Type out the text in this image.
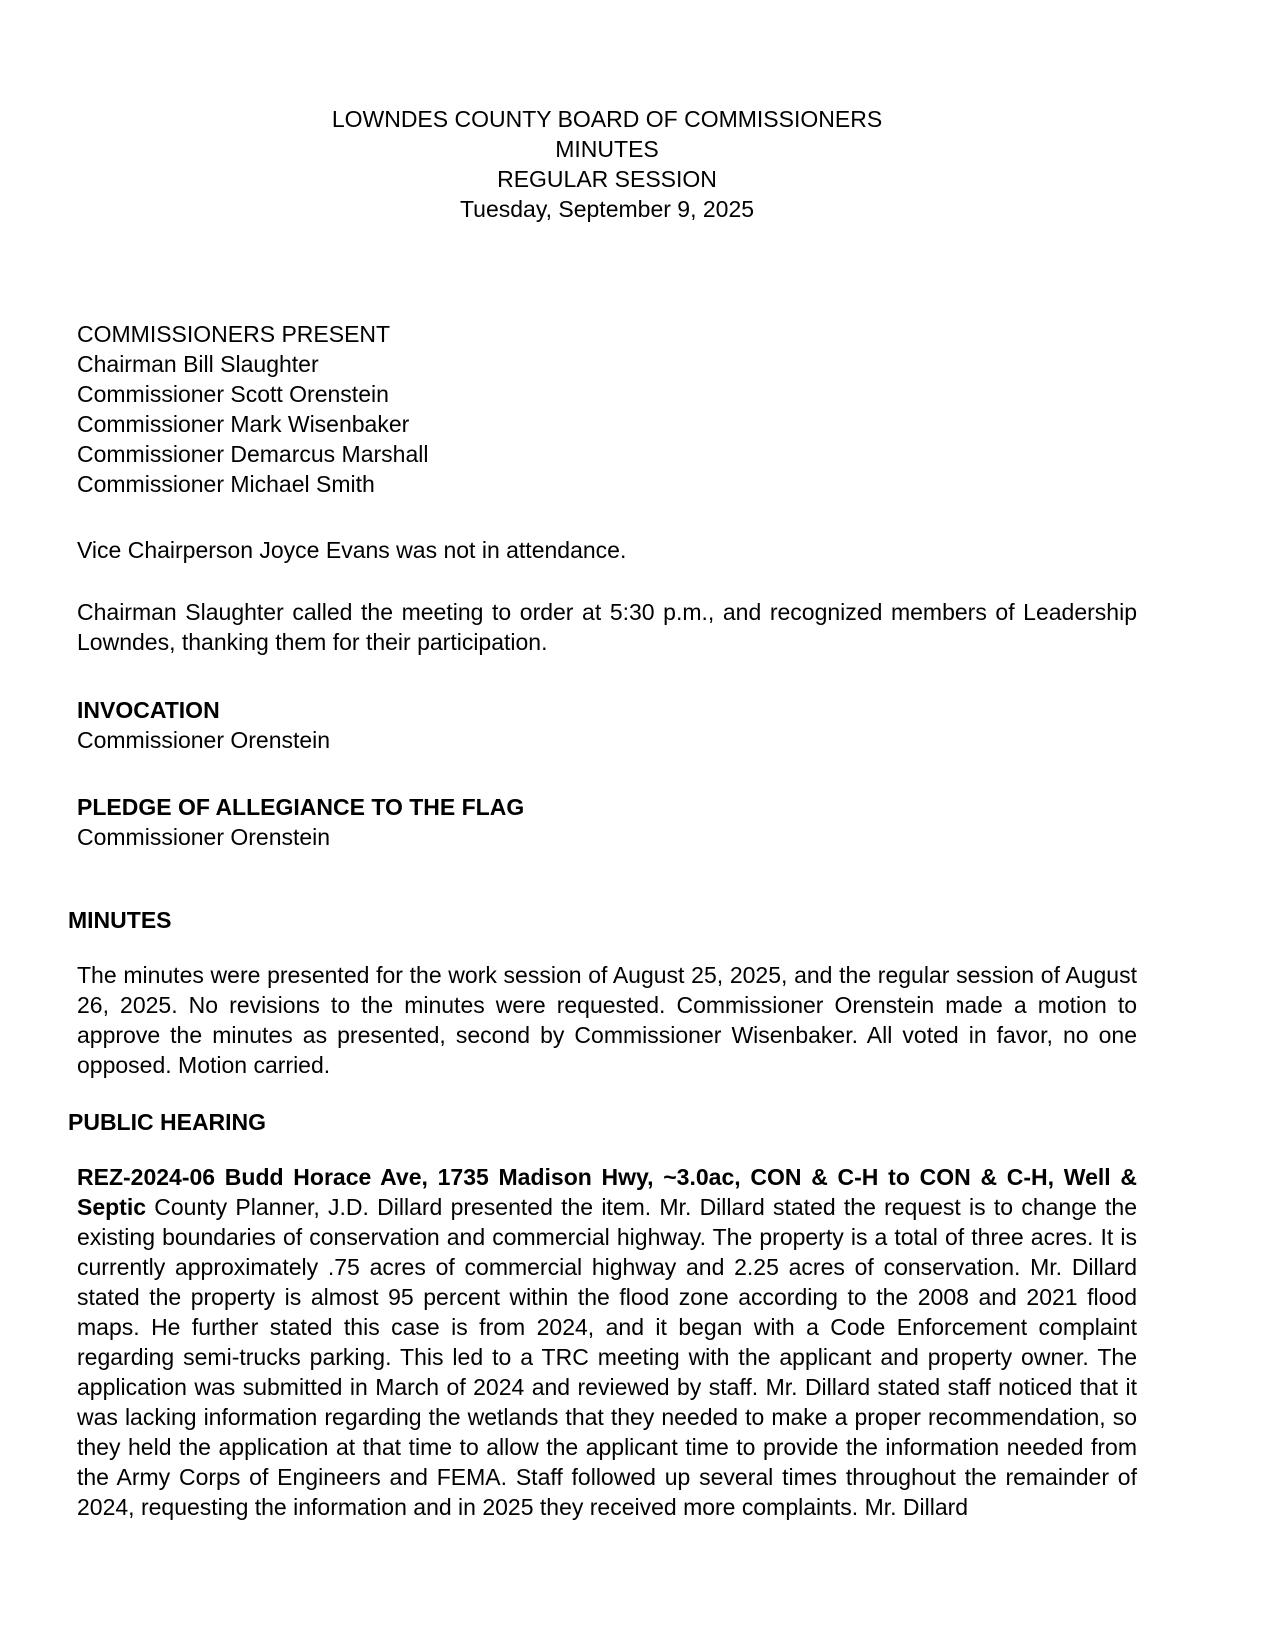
LOWNDES COUNTY BOARD OF COMMISSIONERS
MINUTES
REGULAR SESSION
Tuesday, September 9, 2025
COMMISSIONERS PRESENT
Chairman Bill Slaughter
Commissioner Scott Orenstein
Commissioner Mark Wisenbaker
Commissioner Demarcus Marshall
Commissioner Michael Smith

Vice Chairperson Joyce Evans was not in attendance.

Chairman Slaughter called the meeting to order at 5:30 p.m., and recognized members of Leadership Lowndes, thanking them for their participation.

INVOCATION
Commissioner Orenstein
PLEDGE OF ALLEGIANCE TO THE FLAG
Commissioner Orenstein
MINUTES

The minutes were presented for the work session of August 25, 2025, and the regular session of August 26, 2025. No revisions to the minutes were requested. Commissioner Orenstein made a motion to approve the minutes as presented, second by Commissioner Wisenbaker. All voted in favor, no one opposed. Motion carried.

PUBLIC HEARING

REZ-2024-06 Budd Horace Ave, 1735 Madison Hwy, ~3.0ac, CON & C-H to CON & C-H, Well & Septic County Planner, J.D. Dillard presented the item. Mr. Dillard stated the request is to change the existing boundaries of conservation and commercial highway. The property is a total of three acres. It is currently approximately .75 acres of commercial highway and 2.25 acres of conservation. Mr. Dillard stated the property is almost 95 percent within the flood zone according to the 2008 and 2021 flood maps. He further stated this case is from 2024, and it began with a Code Enforcement complaint regarding semi-trucks parking. This led to a TRC meeting with the applicant and property owner. The application was submitted in March of 2024 and reviewed by staff. Mr. Dillard stated staff noticed that it was lacking information regarding the wetlands that they needed to make a proper recommendation, so they held the application at that time to allow the applicant time to provide the information needed from the Army Corps of Engineers and FEMA. Staff followed up several times throughout the remainder of 2024, requesting the information and in 2025 they received more complaints. Mr. Dillard
